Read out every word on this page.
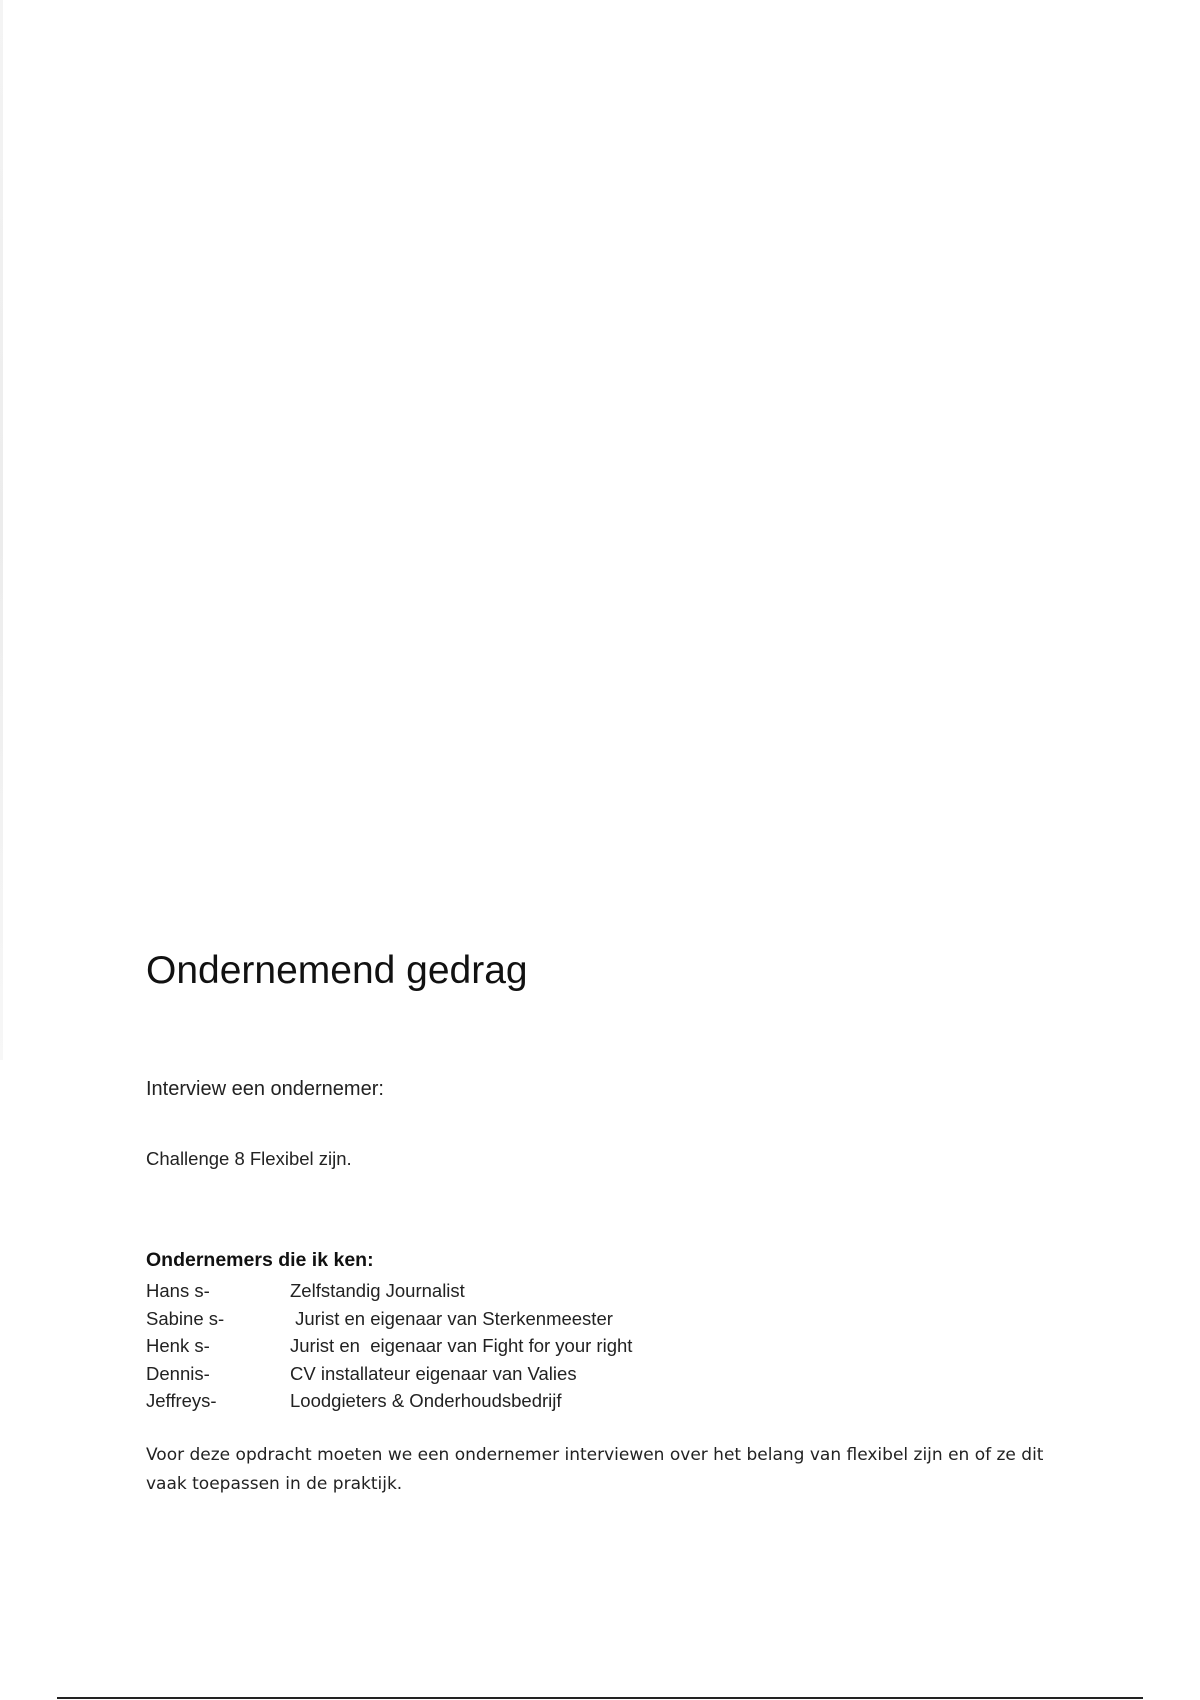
Ondernemend gedrag
Interview een ondernemer:
Challenge 8 Flexibel zijn.
Ondernemers die ik ken:
Hans s-	Zelfstandig Journalist
Sabine s-	Jurist en eigenaar van Sterkenmeester
Henk s-	Jurist en  eigenaar van Fight for your right
Dennis-	CV installateur eigenaar van Valies
Jeffreys-	Loodgieters & Onderhoudsbedrijf

Voor deze opdracht moeten we een ondernemer interviewen over het belang van flexibel zijn en of ze dit vaak toepassen in de praktijk.
